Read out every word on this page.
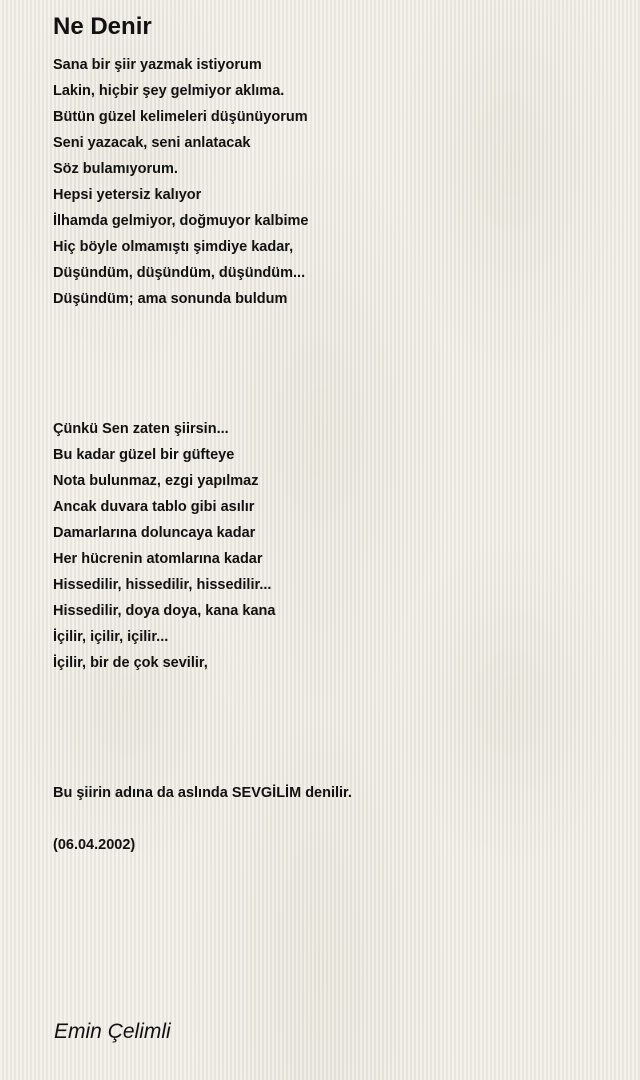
Ne Denir
Sana bir şiir yazmak istiyorum
Lakin, hiçbir şey gelmiyor aklıma.
Bütün güzel kelimeleri düşünüyorum
Seni yazacak, seni anlatacak
Söz bulamıyorum.
Hepsi yetersiz kalıyor
İlhamda gelmiyor, doğmuyor kalbime
Hiç böyle olmamıştı şimdiye kadar,
Düşündüm, düşündüm, düşündüm...
Düşündüm; ama sonunda buldum
Çünkü Sen zaten şiirsin...
Bu kadar güzel bir güfteye
Nota bulunmaz, ezgi yapılmaz
Ancak duvara tablo gibi asılır
Damarlarına doluncaya kadar
Her hücrenin atomlarına kadar
Hissedilir, hissedilir, hissedilir...
Hissedilir, doya doya, kana kana
İçilir, içilir, içilir...
İçilir, bir de çok sevilir,
Bu şiirin adına da aslında SEVGİLİM denilir.
(06.04.2002)

Emin Çelimli
